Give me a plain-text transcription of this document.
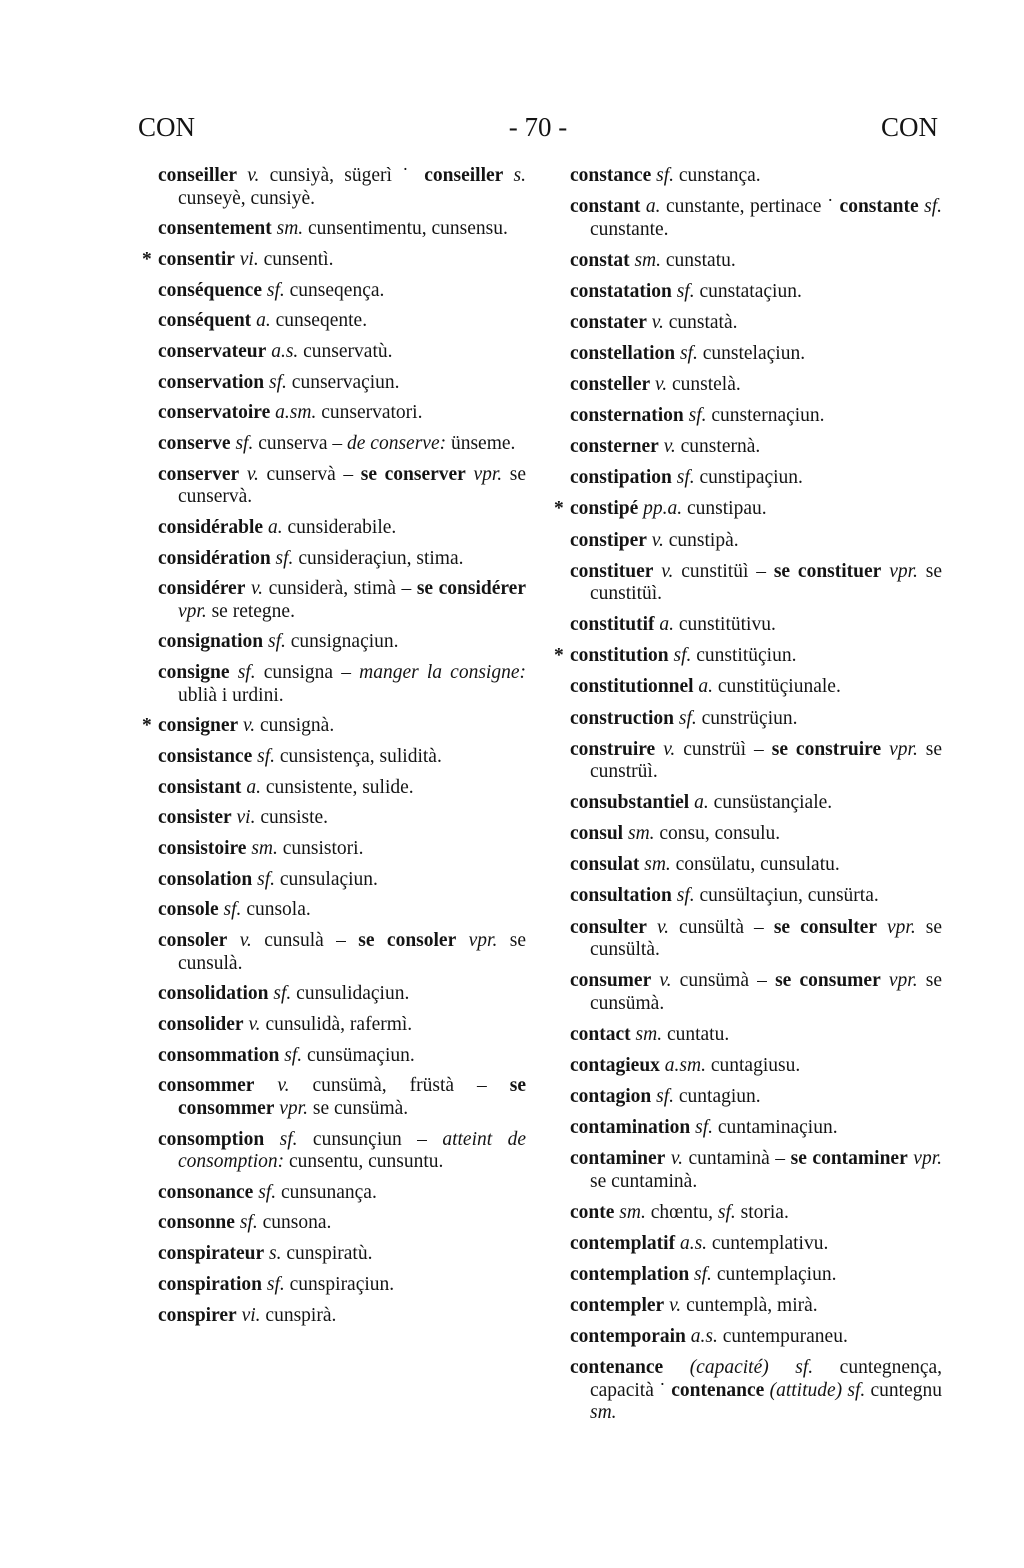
CON	- 70 -	CON
conseiller v. cunsiyà, sügerì ˙ conseiller s. cunseyè, cunsiyè.
consentement sm. cunsentimentu, cunsensu.
* consentir vi. cunsentì.
conséquence sf. cunseqença.
conséquent a. cunseqente.
conservateur a.s. cunservatù.
conservation sf. cunservaçiun.
conservatoire a.sm. cunservatori.
conserve sf. cunserva – de conserve: ünseme.
conserver v. cunservà – se conserver vpr. se cunservà.
considérable a. cunsiderabile.
considération sf. cunsideraçiun, stima.
considérer v. cunsiderà, stimà – se considérer vpr. se retegne.
consignation sf. cunsignaçiun.
consigne sf. cunsigna – manger la consigne: ublià i urdini.
* consigner v. cunsignà.
consistance sf. cunsistença, sulidità.
consistant a. cunsistente, sulide.
consister vi. cunsiste.
consistoire sm. cunsistori.
consolation sf. cunsulaçiun.
console sf. cunsola.
consoler v. cunsulà – se consoler vpr. se cunsulà.
consolidation sf. cunsulidaçiun.
consolider v. cunsulidà, rafermì.
consommation sf. cunsümaçiun.
consommer v. cunsümà, früstà – se consommer vpr. se cunsümà.
consomption sf. cunsunçiun – atteint de consomption: cunsentu, cunsuntu.
consonance sf. cunsunança.
consonne sf. cunsona.
conspirateur s. cunspiratù.
conspiration sf. cunspiraçiun.
conspirer vi. cunspirà.
constance sf. cunstança.
constant a. cunstante, pertinace ˙ constante sf. cunstante.
constat sm. cunstatu.
constatation sf. cunstataçiun.
constater v. cunstatà.
constellation sf. cunstelaçiun.
consteller v. cunstelà.
consternation sf. cunsternaçiun.
consterner v. cunsternà.
constipation sf. cunstipaçiun.
* constipé pp.a. cunstipau.
constiper v. cunstipà.
constituer v. cunstitüì – se constituer vpr. se cunstitüì.
constitutif a. cunstitütivu.
* constitution sf. cunstitüçiun.
constitutionnel a. cunstitüçiunale.
construction sf. cunstrüçiun.
construire v. cunstrüì – se construire vpr. se cunstrüì.
consubstantiel a. cunsüstançiale.
consul sm. consu, consulu.
consulat sm. consülatu, cunsulatu.
consultation sf. cunsültaçiun, cunsürta.
consulter v. cunsültà – se consulter vpr. se cunsültà.
consumer v. cunsümà – se consumer vpr. se cunsümà.
contact sm. cuntatu.
contagieux a.sm. cuntagiusu.
contagion sf. cuntagiun.
contamination sf. cuntaminaçiun.
contaminer v. cuntaminà – se contaminer vpr. se cuntaminà.
conte sm. chœntu, sf. storia.
contemplatif a.s. cuntemplativu.
contemplation sf. cuntemplaçiun.
contempler v. cuntemplà, mirà.
contemporain a.s. cuntempuraneu.
contenance (capacité) sf. cuntegnença, capacità ˙ contenance (attitude) sf. cuntegnu sm.
